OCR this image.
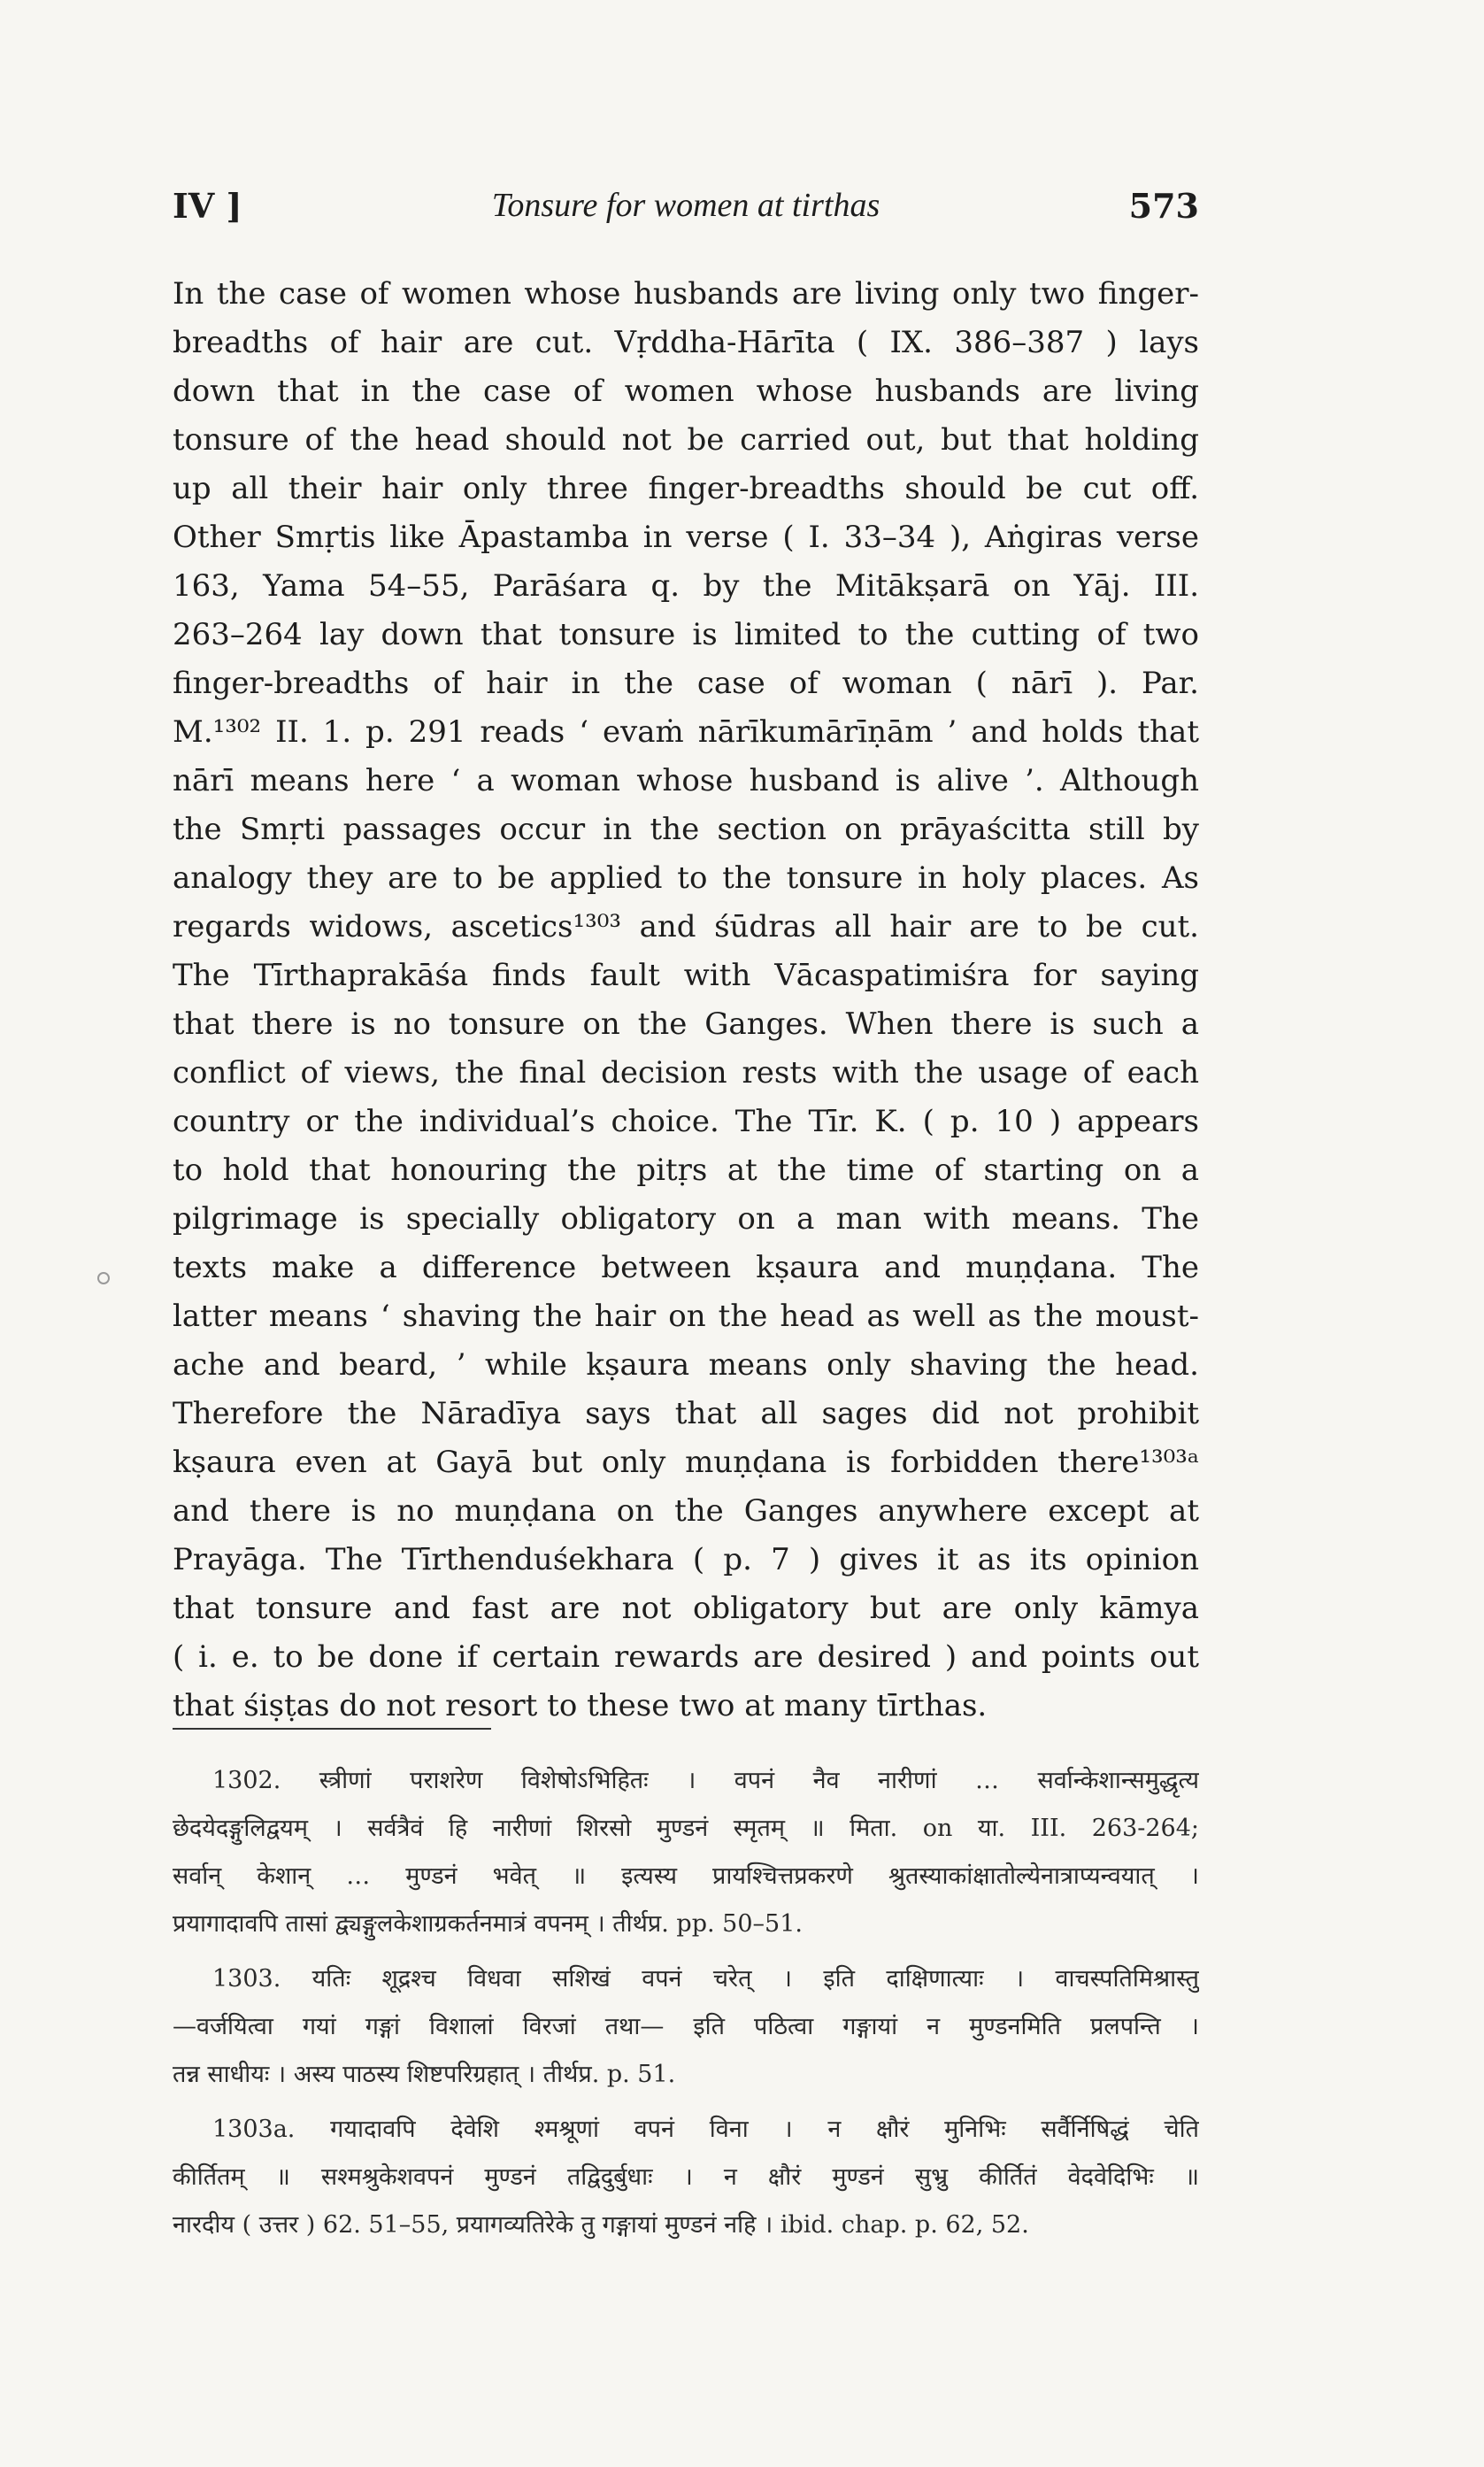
IV ]	Tonsure for women at tirthas	573
In the case of women whose husbands are living only two finger-
breadths of hair are cut. Vṛddha-Hārīta ( IX. 386–387 ) lays
down that in the case of women whose husbands are living
tonsure of the head should not be carried out, but that holding
up all their hair only three finger-breadths should be cut off.
Other Smṛtis like Āpastamba in verse ( I. 33–34 ), Aṅgiras verse
163, Yama 54–55, Parāśara q. by the Mitākṣarā on Yāj. III.
263–264 lay down that tonsure is limited to the cutting of two
finger-breadths of hair in the case of woman ( nārī ). Par.
M.¹³⁰² II. 1. p. 291 reads ‘ evaṁ nārīkumārīṇām ’ and holds that
nārī means here ‘ a woman whose husband is alive ’. Although
the Smṛti passages occur in the section on prāyaścitta still by
analogy they are to be applied to the tonsure in holy places. As
regards widows, ascetics¹³⁰³ and śūdras all hair are to be cut.
The Tīrthaprakāśa finds fault with Vācaspatimiśra for saying
that there is no tonsure on the Ganges. When there is such a
conflict of views, the final decision rests with the usage of each
country or the individual’s choice. The Tīr. K. ( p. 10 ) appears
to hold that honouring the pitṛs at the time of starting on a
pilgrimage is specially obligatory on a man with means. The
texts make a difference between kṣaura and muṇḍana. The
latter means ‘ shaving the hair on the head as well as the moust-
ache and beard, ’ while kṣaura means only shaving the head.
Therefore the Nāradīya says that all sages did not prohibit
kṣaura even at Gayā but only muṇḍana is forbidden there¹³⁰³ᵃ
and there is no muṇḍana on the Ganges anywhere except at
Prayāga. The Tīrthenduśekhara ( p. 7 ) gives it as its opinion
that tonsure and fast are not obligatory but are only kāmya
( i. e. to be done if certain rewards are desired ) and points out
that śiṣṭas do not resort to these two at many tīrthas.
1302. स्त्रीणां पराशरेण विशेषोऽभिहितः । वपनं नैव नारीणां … सर्वान्केशान्समुद्धृत्य
छेदयेदङ्गुलिद्वयम् । सर्वत्रैवं हि नारीणां शिरसो मुण्डनं स्मृतम् ॥ मिता. on या. III. 263-264;
सर्वान् केशान् … मुण्डनं भवेत् ॥ इत्यस्य प्रायश्चित्तप्रकरणे श्रुतस्याकांक्षातोल्येनात्राप्यन्वयात् ।
प्रयागादावपि तासां द्व्यङ्गुलकेशाग्रकर्तनमात्रं वपनम् । तीर्थप्र. pp. 50–51.
1303. यतिः शूद्रश्च विधवा सशिखं वपनं चरेत् । इति दाक्षिणात्याः । वाचस्पतिमिश्रास्तु
—वर्जयित्वा गयां गङ्गां विशालां विरजां तथा— इति पठित्वा गङ्गायां न मुण्डनमिति प्रलपन्ति ।
तन्न साधीयः । अस्य पाठस्य शिष्टपरिग्रहात् । तीर्थप्र. p. 51.
1303a. गयादावपि देवेशि श्मश्रूणां वपनं विना । न क्षौरं मुनिभिः सर्वैर्निषिद्धं चेति
कीर्तितम् ॥ सश्मश्रुकेशवपनं मुण्डनं तद्विदुर्बुधाः । न क्षौरं मुण्डनं सुभ्रु कीर्तितं वेदवेदिभिः ॥
नारदीय ( उत्तर ) 62. 51–55, प्रयागव्यतिरेके तु गङ्गायां मुण्डनं नहि । ibid. chap. p. 62, 52.
